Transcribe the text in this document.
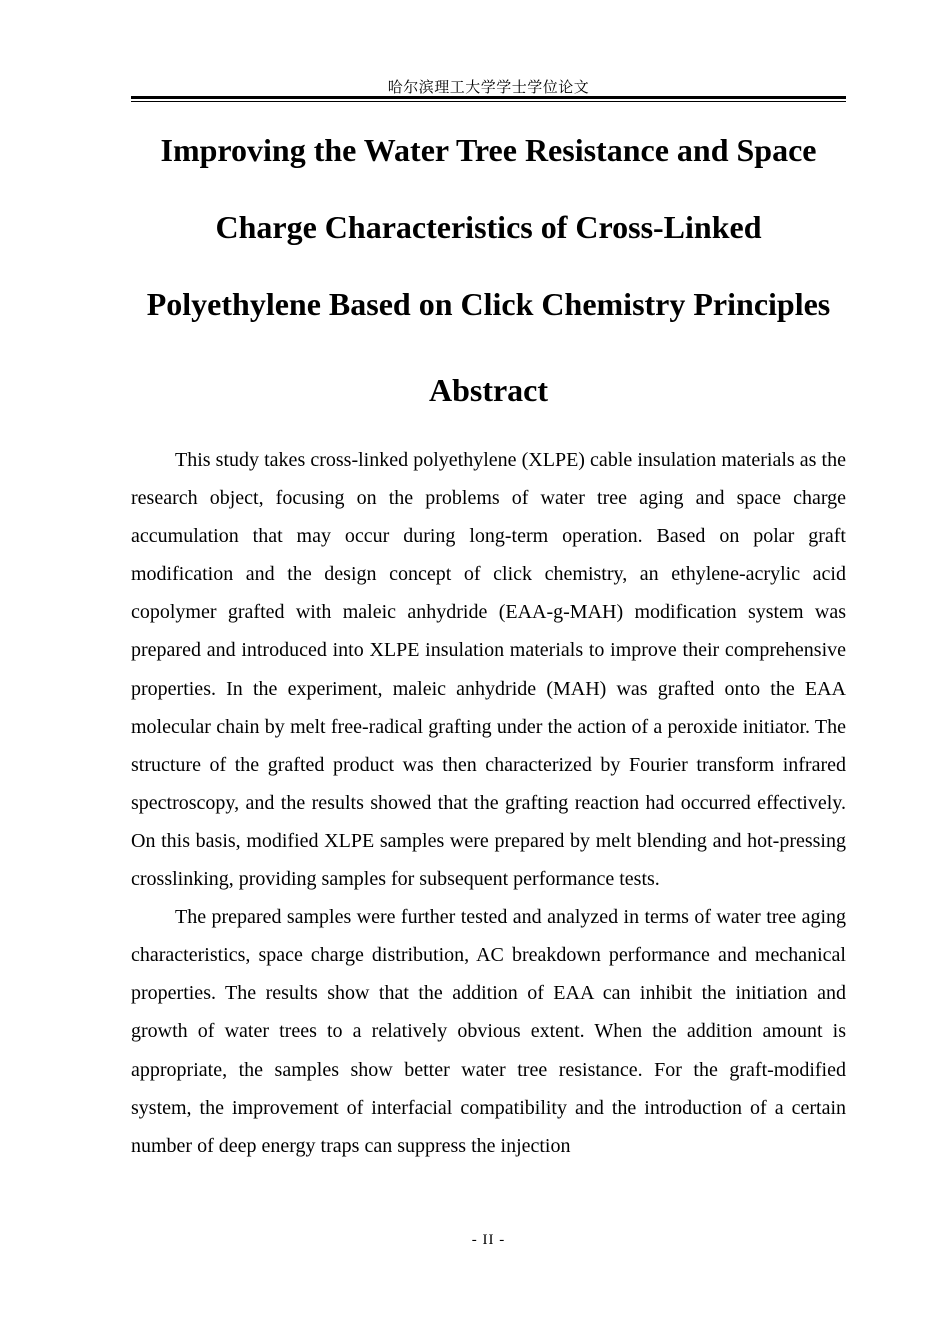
哈尔滨理工大学学士学位论文
Improving the Water Tree Resistance and Space
Charge Characteristics of Cross-Linked
Polyethylene Based on Click Chemistry Principles
Abstract

This study takes cross-linked polyethylene (XLPE) cable insulation materials as the research object, focusing on the problems of water tree aging and space charge accumulation that may occur during long-term operation. Based on polar graft modification and the design concept of click chemistry, an ethylene-acrylic acid copolymer grafted with maleic anhydride (EAA-g-MAH) modification system was prepared and introduced into XLPE insulation materials to improve their comprehensive properties. In the experiment, maleic anhydride (MAH) was grafted onto the EAA molecular chain by melt free-radical grafting under the action of a peroxide initiator. The structure of the grafted product was then characterized by Fourier transform infrared spectroscopy, and the results showed that the grafting reaction had occurred effectively. On this basis, modified XLPE samples were prepared by melt blending and hot-pressing crosslinking, providing samples for subsequent performance tests.

The prepared samples were further tested and analyzed in terms of water tree aging characteristics, space charge distribution, AC breakdown performance and mechanical properties. The results show that the addition of EAA can inhibit the initiation and growth of water trees to a relatively obvious extent. When the addition amount is appropriate, the samples show better water tree resistance. For the graft-modified system, the improvement of interfacial compatibility and the introduction of a certain number of deep energy traps can suppress the injection

- II -
